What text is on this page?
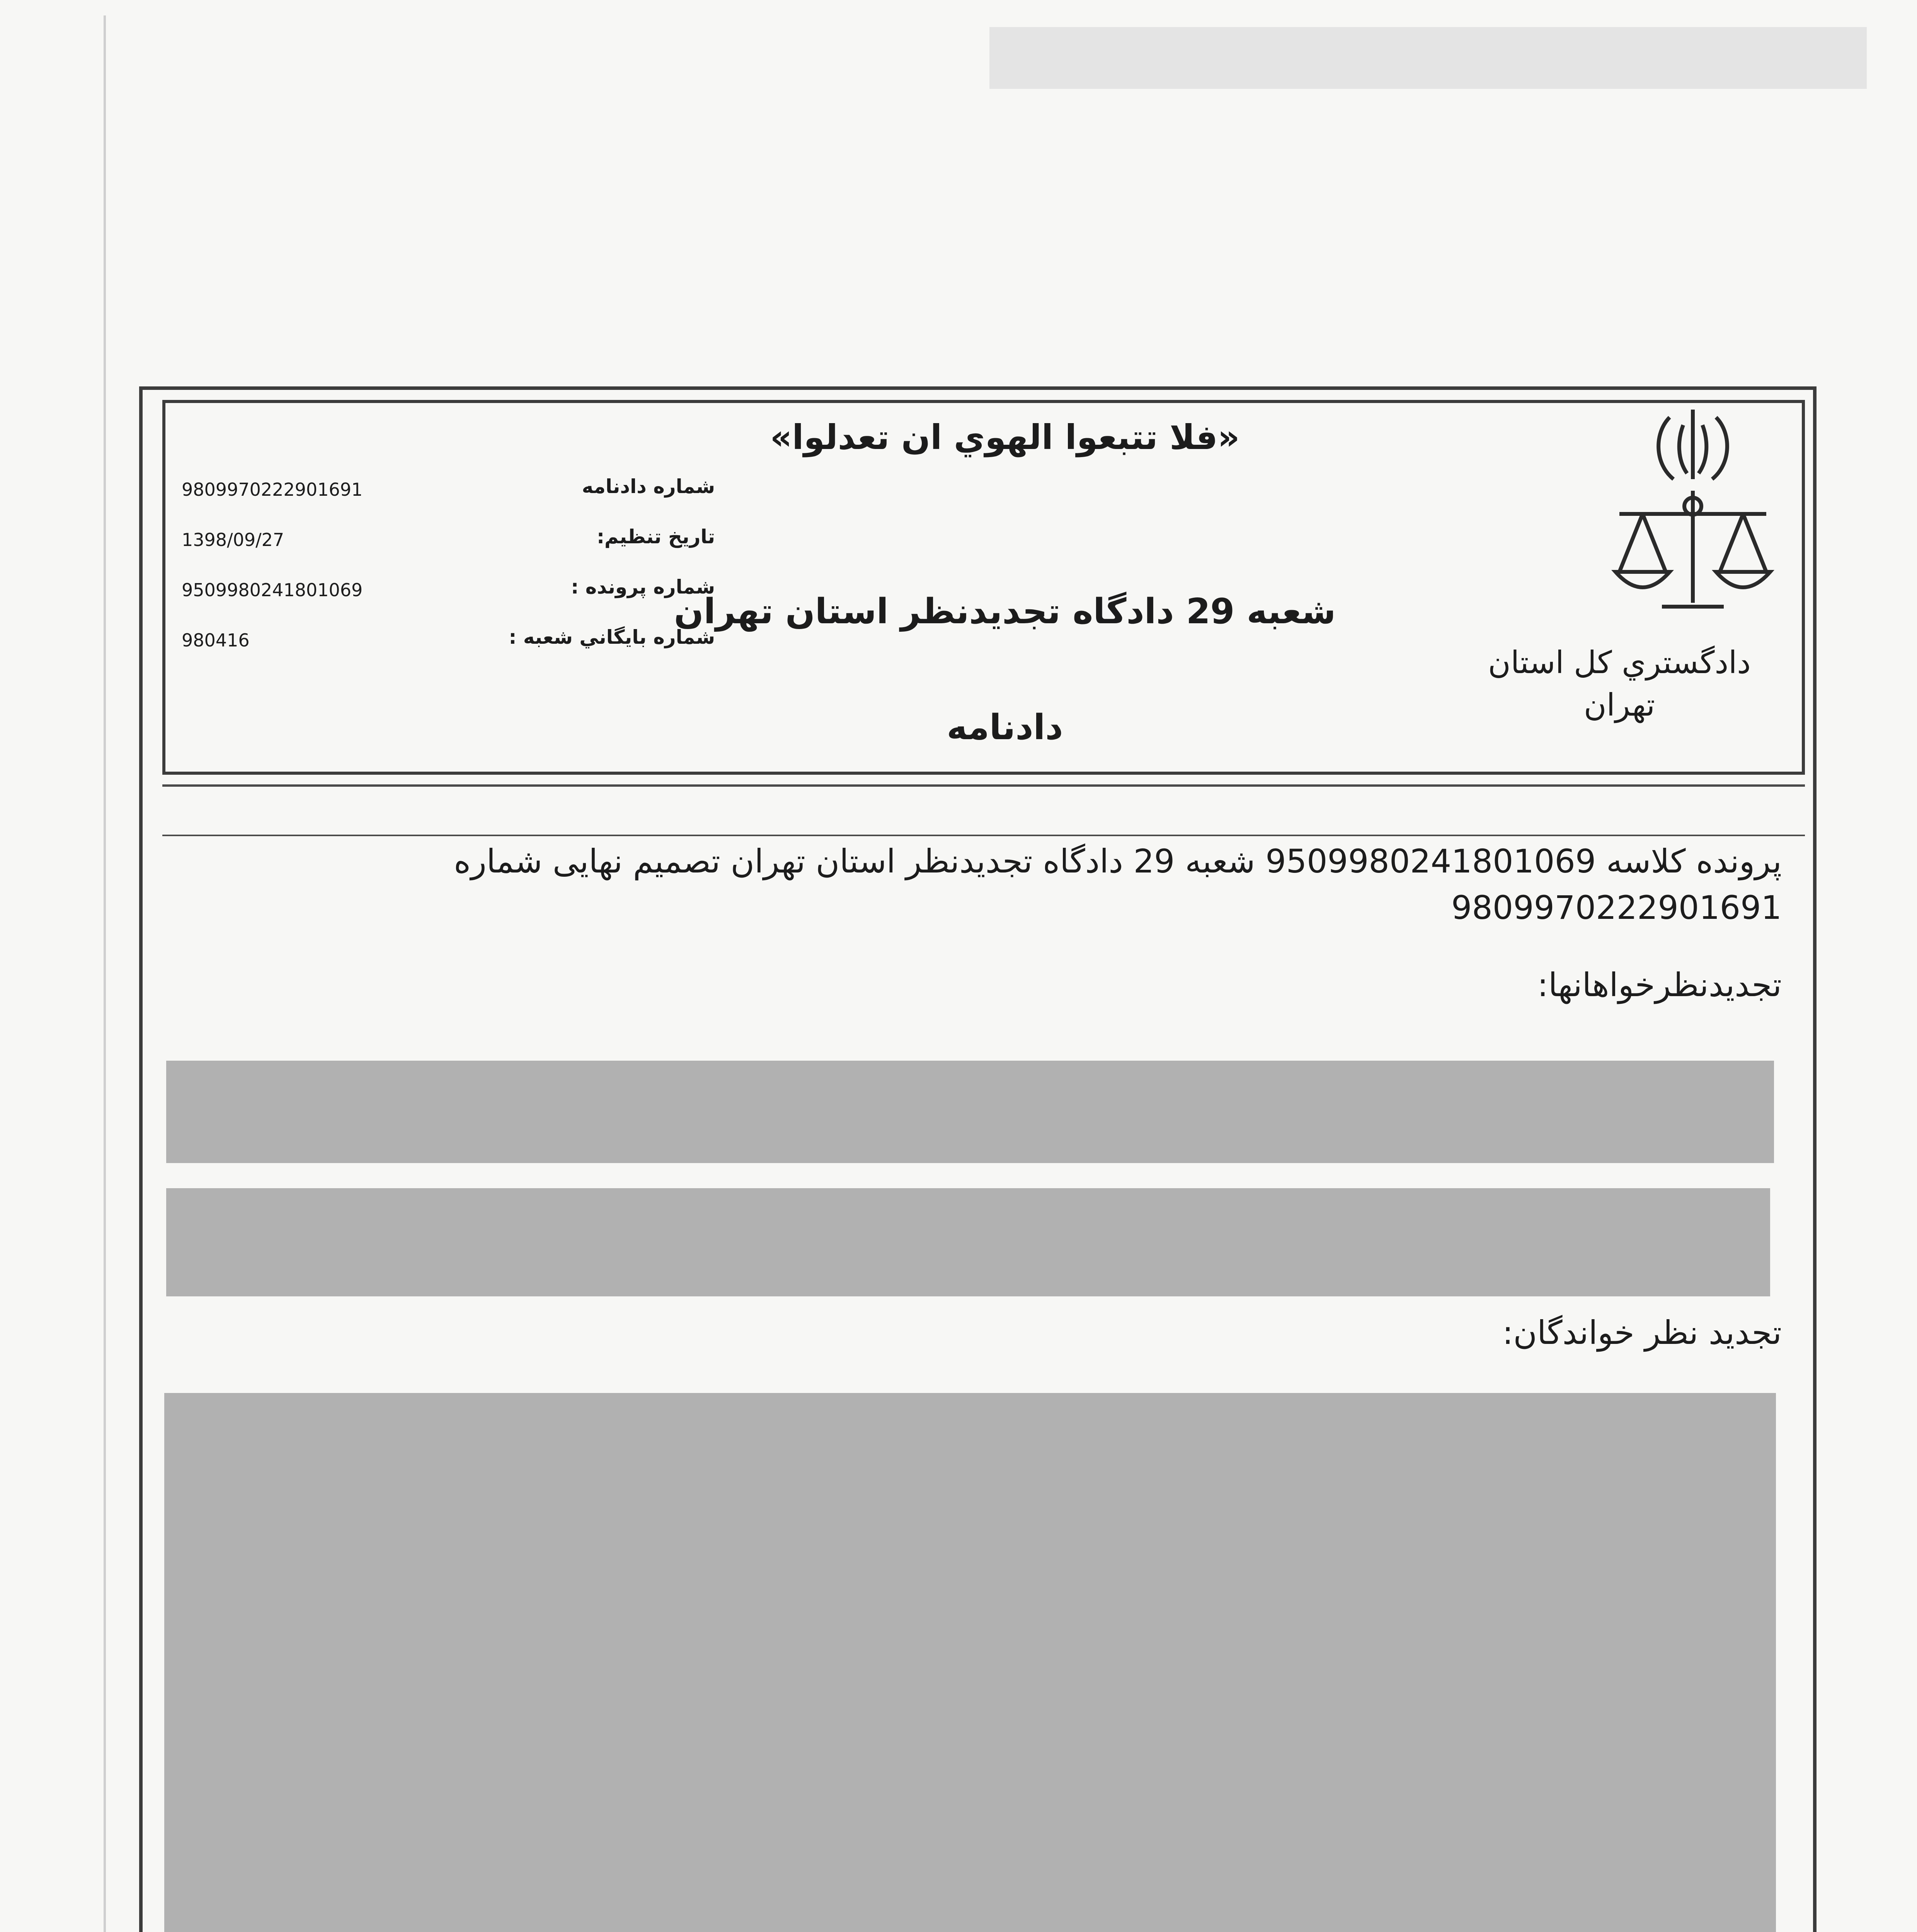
«فلا تتبعوا الهوي ان تعدلوا»
شعبه 29 دادگاه تجدیدنظر استان تهران
دادنامه
دادگستري كل استان
تهران
شماره دادنامه
9809970222901691
تاريخ تنظيم:
1398/09/27
شماره پرونده :
9509980241801069
شماره بايگاني شعبه :
980416
پرونده کلاسه 9509980241801069 شعبه 29 دادگاه تجدیدنظر استان تهران تصمیم نهایی شماره
9809970222901691
تجدیدنظرخواهانها:
تجدید نظر خواندگان:
